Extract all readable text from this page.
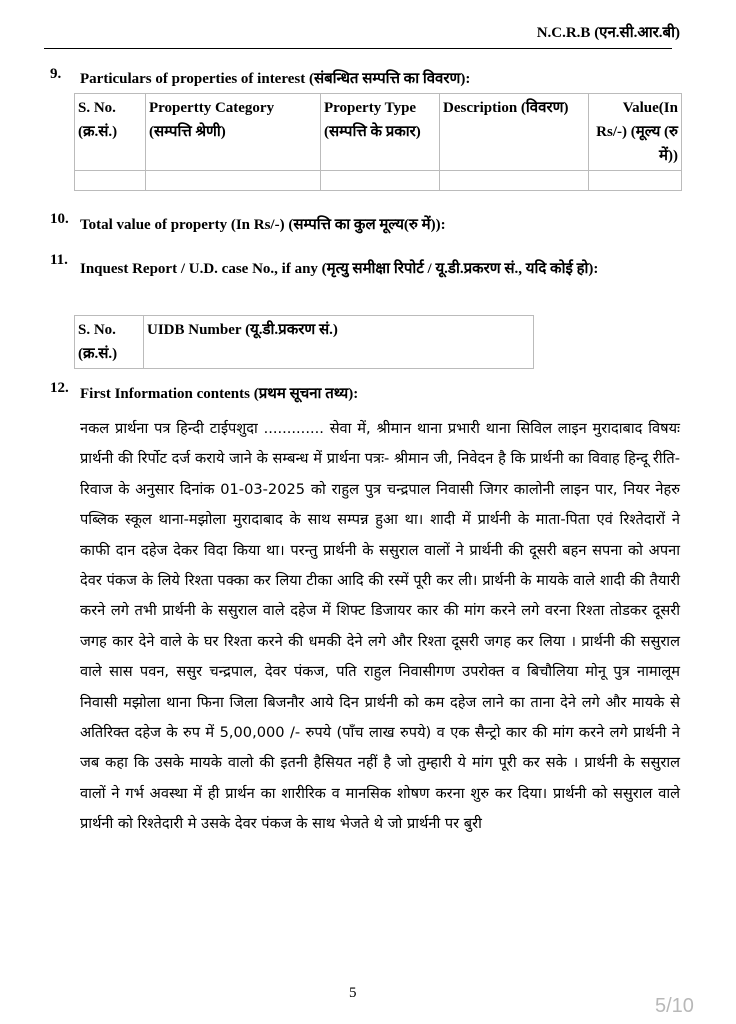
N.C.R.B (एन.सी.आर.बी)
9. Particulars of properties of interest (संबन्धित सम्पत्ति का विवरण):
S. No. (क्र.सं.)	Propertty Category (सम्पत्ति श्रेणी)	Property Type (सम्पत्ति के प्रकार)	Description (विवरण)	Value(In Rs/-) (मूल्य (रु में))

10. Total value of property (In Rs/-) (सम्पत्ति का कुल मूल्य(रु में)):
11.
Inquest Report / U.D. case No., if any (मृत्यु समीक्षा रिपोर्ट / यू.डी.प्रकरण सं., यदि कोई हो):
S. No. (क्र.सं.)	UIDB Number (यू.डी.प्रकरण सं.)
12. First Information contents (प्रथम सूचना तथ्य):
नकल प्रार्थना पत्र हिन्दी टाईपशुदा ............. सेवा में, श्रीमान थाना प्रभारी थाना सिविल लाइन मुरादाबाद विषयः प्रार्थनी की रिर्पोट दर्ज कराये जाने के सम्बन्ध में प्रार्थना पत्रः- श्रीमान जी, निवेदन है कि प्रार्थनी का विवाह हिन्दू रीति-रिवाज के अनुसार दिनांक 01-03-2025 को राहुल पुत्र चन्द्रपाल निवासी जिगर कालोनी लाइन पार, नियर नेहरु पब्लिक स्कूल थाना-मझोला मुरादाबाद के साथ सम्पन्न हुआ था। शादी में प्रार्थनी के माता-पिता एवं रिश्तेदारों ने काफी दान दहेज देकर विदा किया था। परन्तु प्रार्थनी के ससुराल वालों ने प्रार्थनी की दूसरी बहन सपना को अपना देवर पंकज के लिये रिश्ता पक्का कर लिया टीका आदि की रस्में पूरी कर ली। प्रार्थनी के मायके वाले शादी की तैयारी करने लगे तभी प्रार्थनी के ससुराल वाले दहेज में शिफ्ट डिजायर कार की मांग करने लगे वरना रिश्ता तोडकर दूसरी जगह कार देने वाले के घर रिश्ता करने की धमकी देने लगे और रिश्ता दूसरी जगह कर लिया । प्रार्थनी की ससुराल वाले सास पवन, ससुर चन्द्रपाल, देवर पंकज, पति राहुल निवासीगण उपरोक्त व बिचौलिया मोनू पुत्र नामालूम निवासी मझोला थाना फिना जिला बिजनौर आये दिन प्रार्थनी को कम दहेज लाने का ताना देने लगे और मायके से अतिरिक्त दहेज के रुप में 5,00,000 /- रुपये (पाँच लाख रुपये) व एक सैन्ट्रो कार की मांग करने लगे प्रार्थनी ने जब कहा कि उसके मायके वालो की इतनी हैसियत नहीं है जो तुम्हारी ये मांग पूरी कर सके । प्रार्थनी के ससुराल वालों ने गर्भ अवस्था में ही प्रार्थन का शारीरिक व मानसिक शोषण करना शुरु कर दिया। प्रार्थनी को ससुराल वाले प्रार्थनी को रिश्तेदारी मे उसके देवर पंकज के साथ भेजते थे जो प्रार्थनी पर बुरी
5
5/10
